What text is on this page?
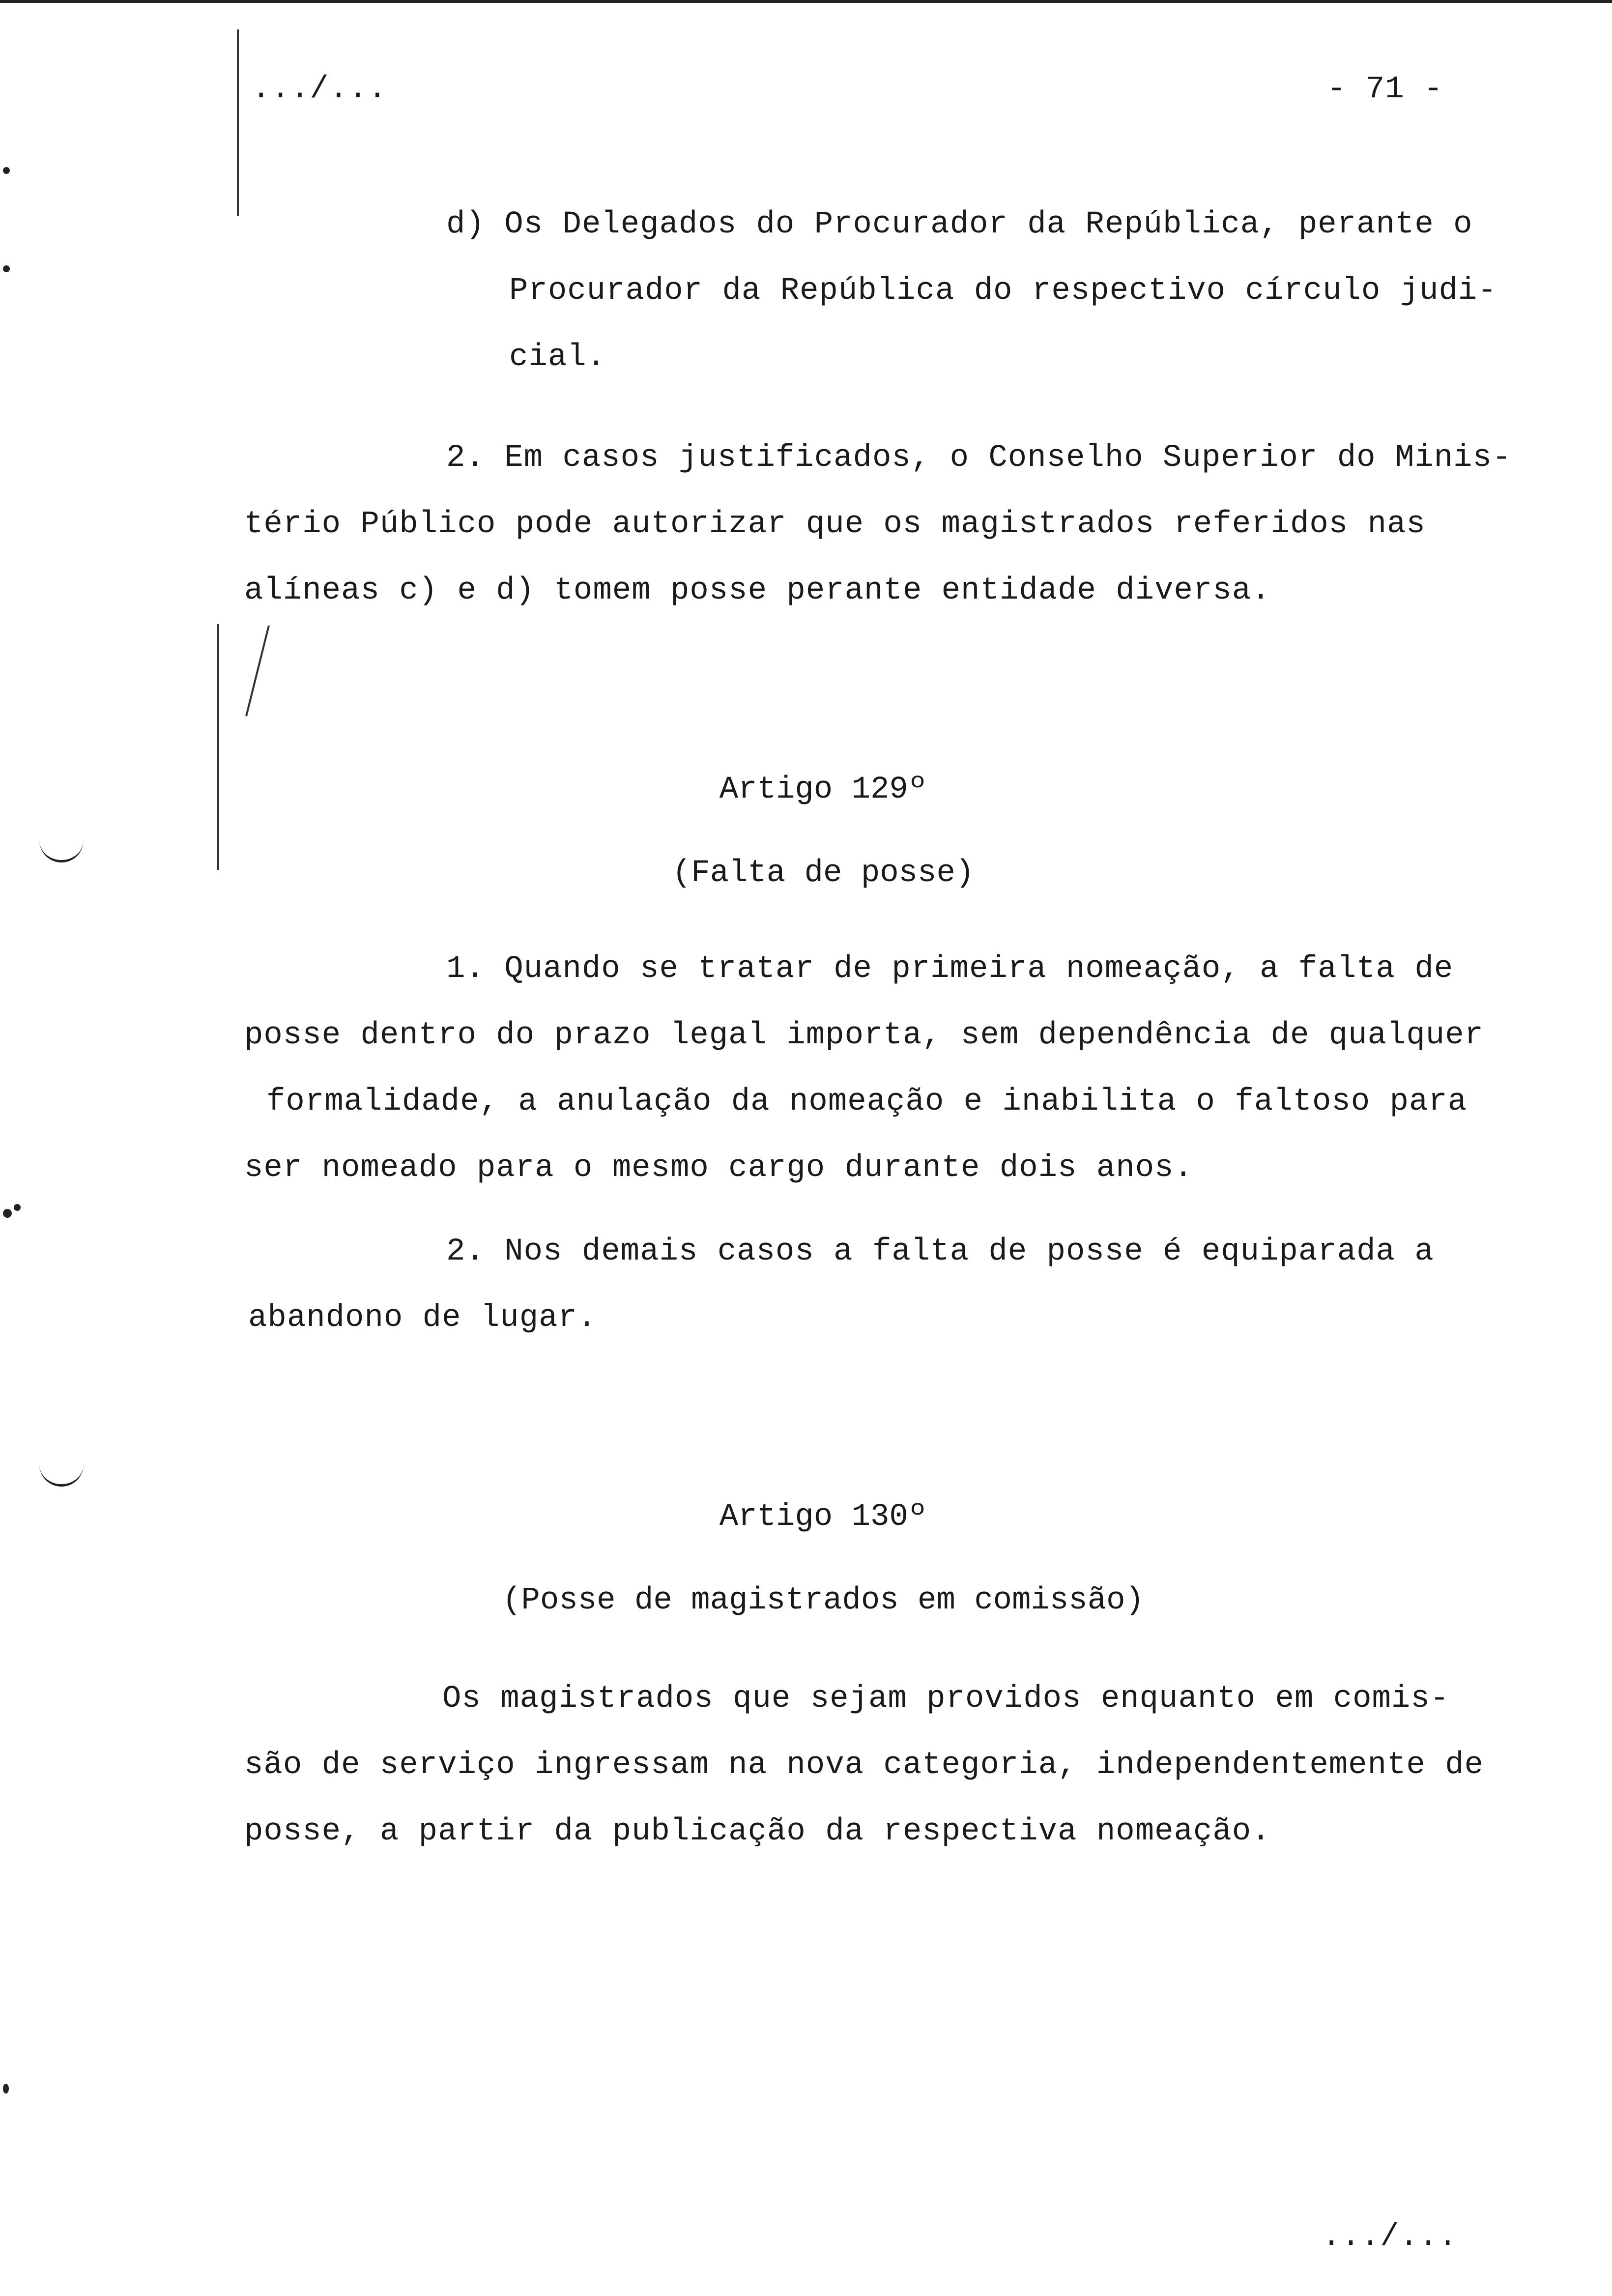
.../...	- 71 -
d) Os Delegados do Procurador da República, perante o
Procurador da República do respectivo círculo judi-
cial.
2. Em casos justificados, o Conselho Superior do Minis-
tério Público pode autorizar que os magistrados referidos nas
alíneas c) e d) tomem posse perante entidade diversa.
Artigo 129º
(Falta de posse)
1. Quando se tratar de primeira nomeação, a falta de
posse dentro do prazo legal importa, sem dependência de qualquer
formalidade, a anulação da nomeação e inabilita o faltoso para
ser nomeado para o mesmo cargo durante dois anos.
2. Nos demais casos a falta de posse é equiparada a
abandono de lugar.
Artigo 130º
(Posse de magistrados em comissão)
Os magistrados que sejam providos enquanto em comis-
são de serviço ingressam na nova categoria, independentemente de
posse, a partir da publicação da respectiva nomeação.
.../...
